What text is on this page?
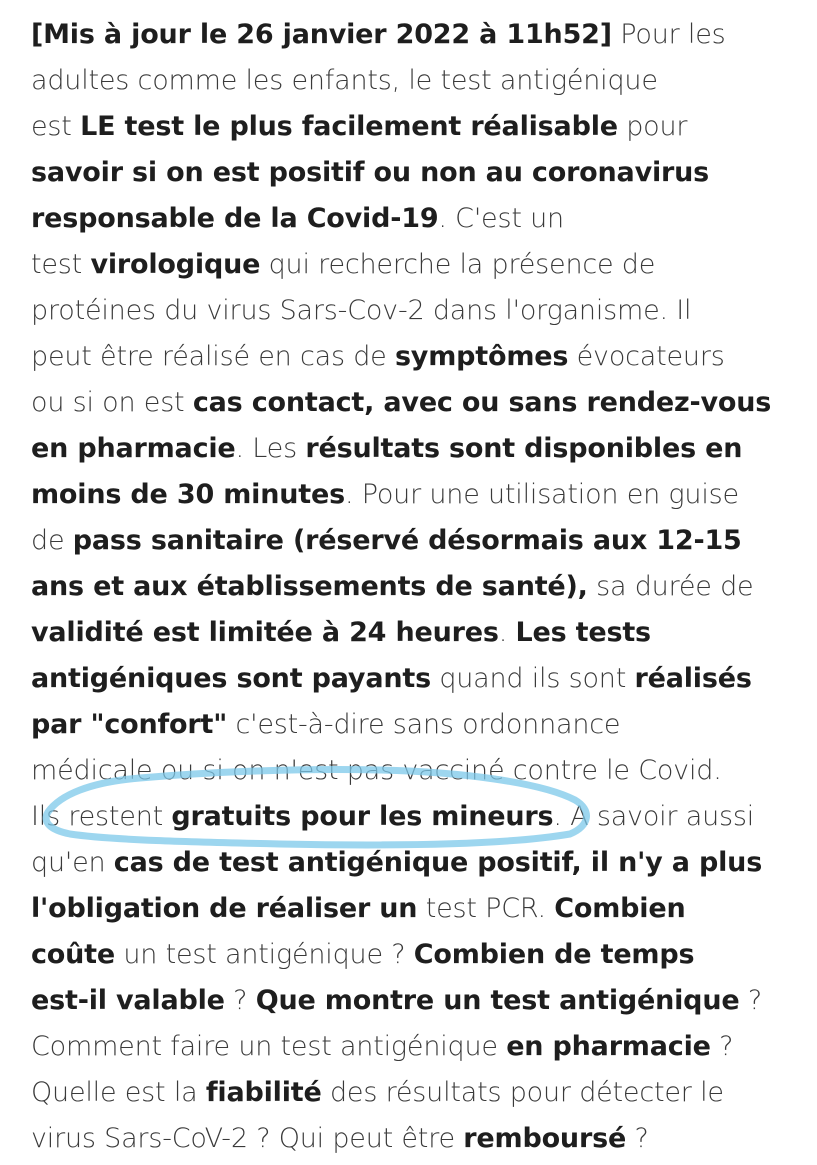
[Mis à jour le 26 janvier 2022 à 11h52] Pour les
adultes comme les enfants, le test antigénique
est LE test le plus facilement réalisable pour
savoir si on est positif ou non au coronavirus
responsable de la Covid-19. C'est un
test virologique qui recherche la présence de
protéines du virus Sars-Cov-2 dans l'organisme. Il
peut être réalisé en cas de symptômes évocateurs
ou si on est cas contact, avec ou sans rendez-vous
en pharmacie. Les résultats sont disponibles en
moins de 30 minutes. Pour une utilisation en guise
de pass sanitaire (réservé désormais aux 12-15
ans et aux établissements de santé), sa durée de
validité est limitée à 24 heures. Les tests
antigéniques sont payants quand ils sont réalisés
par "confort" c'est-à-dire sans ordonnance
médicale ou si on n'est pas vacciné contre le Covid.
Ils restent gratuits pour les mineurs. A savoir aussi
qu'en cas de test antigénique positif, il n'y a plus
l'obligation de réaliser un test PCR. Combien
coûte un test antigénique ? Combien de temps
est-il valable ? Que montre un test antigénique ?
Comment faire un test antigénique en pharmacie ?
Quelle est la fiabilité des résultats pour détecter le
virus Sars-CoV-2 ? Qui peut être remboursé ?
